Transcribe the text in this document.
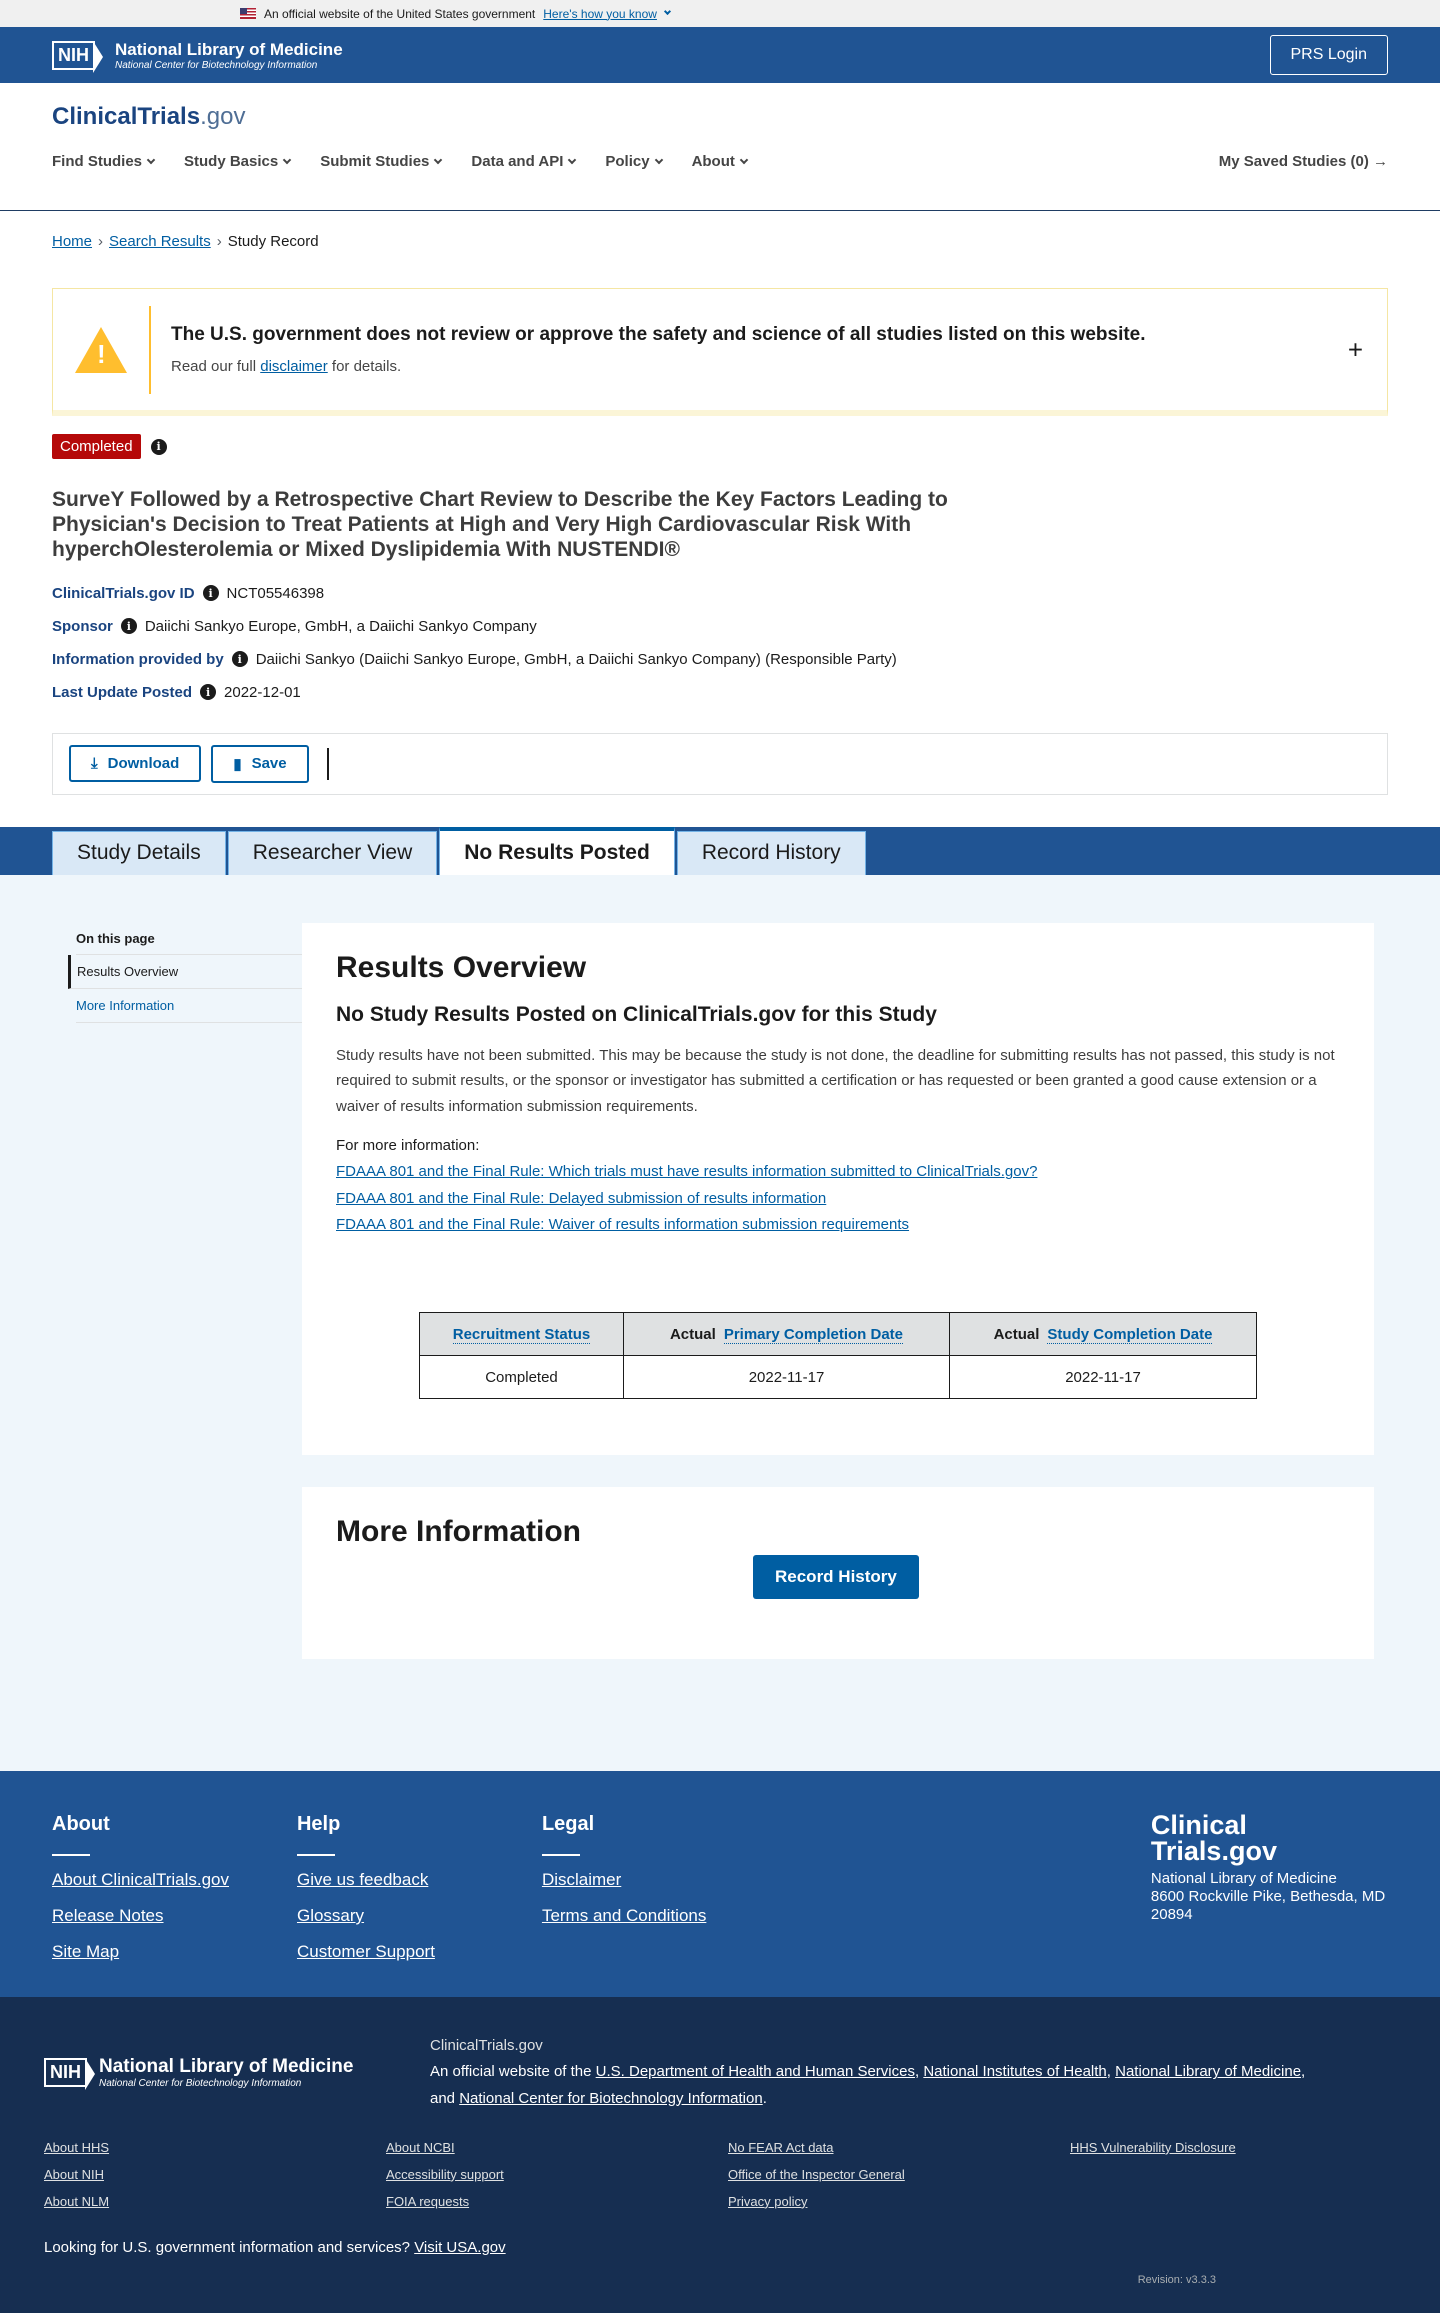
An official website of the United States government Here's how you know
NIH	National Library of Medicine
National Center for Biotechnology Information
PRS Login
ClinicalTrials.gov
Find Studies	Study Basics	Submit Studies	Data and API	Policy	About	My Saved Studies (0) →
Home › Search Results › Study Record
!
The U.S. government does not review or approve the safety and science of all studies listed on this website.
Read our full disclaimer for details.
+
Completed	i
SurveY Followed by a Retrospective Chart Review to Describe the Key Factors Leading to Physician's Decision to Treat Patients at High and Very High Cardiovascular Risk With hyperchOlesterolemia or Mixed Dyslipidemia With NUSTENDI®
ClinicalTrials.gov ID	i NCT05546398
Sponsor	i Daiichi Sankyo Europe, GmbH, a Daiichi Sankyo Company
Information provided by	i Daiichi Sankyo (Daiichi Sankyo Europe, GmbH, a Daiichi Sankyo Company) (Responsible Party)
Last Update Posted	i 2022-12-01
⤓ Download	▮ Save
Study Details	Researcher View	No Results Posted	Record History
On this page
Results Overview
More Information
Results Overview
No Study Results Posted on ClinicalTrials.gov for this Study

Study results have not been submitted. This may be because the study is not done, the deadline for submitting results has not passed, this study is not required to submit results, or the sponsor or investigator has submitted a certification or has requested or been granted a good cause extension or a waiver of results information submission requirements.

For more information:
FDAAA 801 and the Final Rule: Which trials must have results information submitted to ClinicalTrials.gov?
FDAAA 801 and the Final Rule: Delayed submission of results information
FDAAA 801 and the Final Rule: Waiver of results information submission requirements
Recruitment Status	Actual Primary Completion Date	Actual Study Completion Date
Completed	2022-11-17	2022-11-17
More Information
Record History
About
About ClinicalTrials.gov
Release Notes
Site Map
Help
Give us feedback
Glossary
Customer Support
Legal
Disclaimer
Terms and Conditions
Clinical
Trials.gov
National Library of Medicine
8600 Rockville Pike, Bethesda, MD
20894
NIH National Library of Medicine
National Center for Biotechnology Information
ClinicalTrials.gov
An official website of the U.S. Department of Health and Human Services, National Institutes of Health, National Library of Medicine,
and National Center for Biotechnology Information.
About HHS	About NCBI	No FEAR Act data	HHS Vulnerability Disclosure
About NIH	Accessibility support	Office of the Inspector General
About NLM	FOIA requests	Privacy policy
Looking for U.S. government information and services? Visit USA.gov
Revision: v3.3.3
